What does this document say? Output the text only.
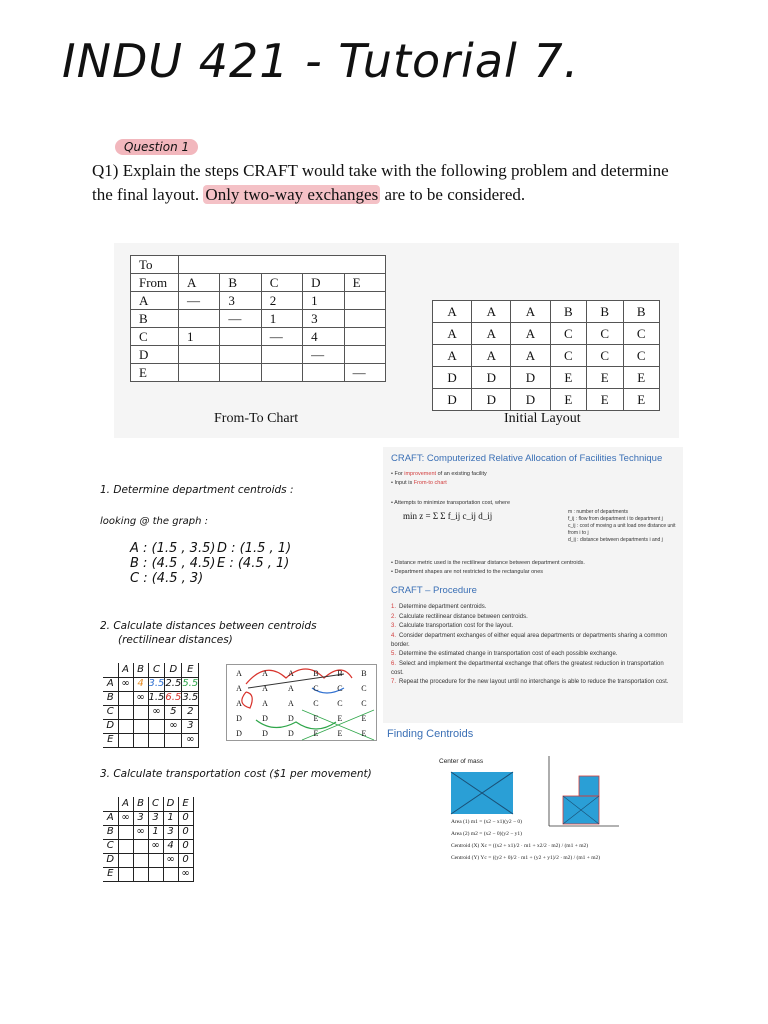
INDU 421 - Tutorial 7.
Question 1
Q1) Explain the steps CRAFT would take with the following problem and determine the final layout. Only two-way exchanges are to be considered.
To					
From	A	B	C	D	E
A	—	3	2	1	
B		—	1	3	
C	1		—	4	
D				—	
E					—
From-To Chart
A	A	A	B	B	B
A	A	A	C	C	C
A	A	A	C	C	C
D	D	D	E	E	E
D	D	D	E	E	E
Initial Layout
CRAFT: Computerized Relative Allocation of Facilities Technique
• For improvement of an existing facility
• Input is From-to chart
• Attempts to minimize transportation cost, where
min z = Σ Σ f_ij c_ij d_ij	m : number of departments
f_ij : flow from department i to department j
c_ij : cost of moving a unit load one distance unit from i to j
d_ij : distance between departments i and j
• Distance metric used is the rectilinear distance between department centroids.
• Department shapes are not restricted to the rectangular ones
CRAFT – Procedure
1. Determine department centroids.
2. Calculate rectilinear distance between centroids.
3. Calculate transportation cost for the layout.
4. Consider department exchanges of either equal area departments or departments sharing a common border.
5. Determine the estimated change in transportation cost of each possible exchange.
6. Select and implement the departmental exchange that offers the greatest reduction in transportation cost.
7. Repeat the procedure for the new layout until no interchange is able to reduce the transportation cost.
Finding Centroids
Center of mass
Area (1) m1 = (x2 − x1)(y2 − 0)
Area (2) m2 = (x2 − 0)(y2 − y1)
Centroid (X) Xc = ((x2 + x1)/2 · m1 + x2/2 · m2) / (m1 + m2)
Centroid (Y) Yc = ((y2 + 0)/2 · m1 + (y2 + y1)/2 · m2) / (m1 + m2)
1. Determine department centroids :
looking @ the graph :
A : (1.5 , 3.5)
B : (4.5 , 4.5)
C : (4.5 , 3)
D : (1.5 , 1)
E : (4.5 , 1)
2. Calculate distances between centroids
(rectilinear distances)
	A	B	C	D	E
A	∞	4	3.5	2.5	5.5
B		∞	1.5	6.5	3.5
C			∞	5	2
D				∞	3
E					∞
A	A	A	B	B	B
A	A	A	C	C	C
A	A	A	C	C	C
D	D	D	E	E	E
D	D	D	E	E	E
3. Calculate transportation cost ($1 per movement)
	A	B	C	D	E
A	∞	3	3	1	0
B		∞	1	3	0
C			∞	4	0
D				∞	0
E					∞
